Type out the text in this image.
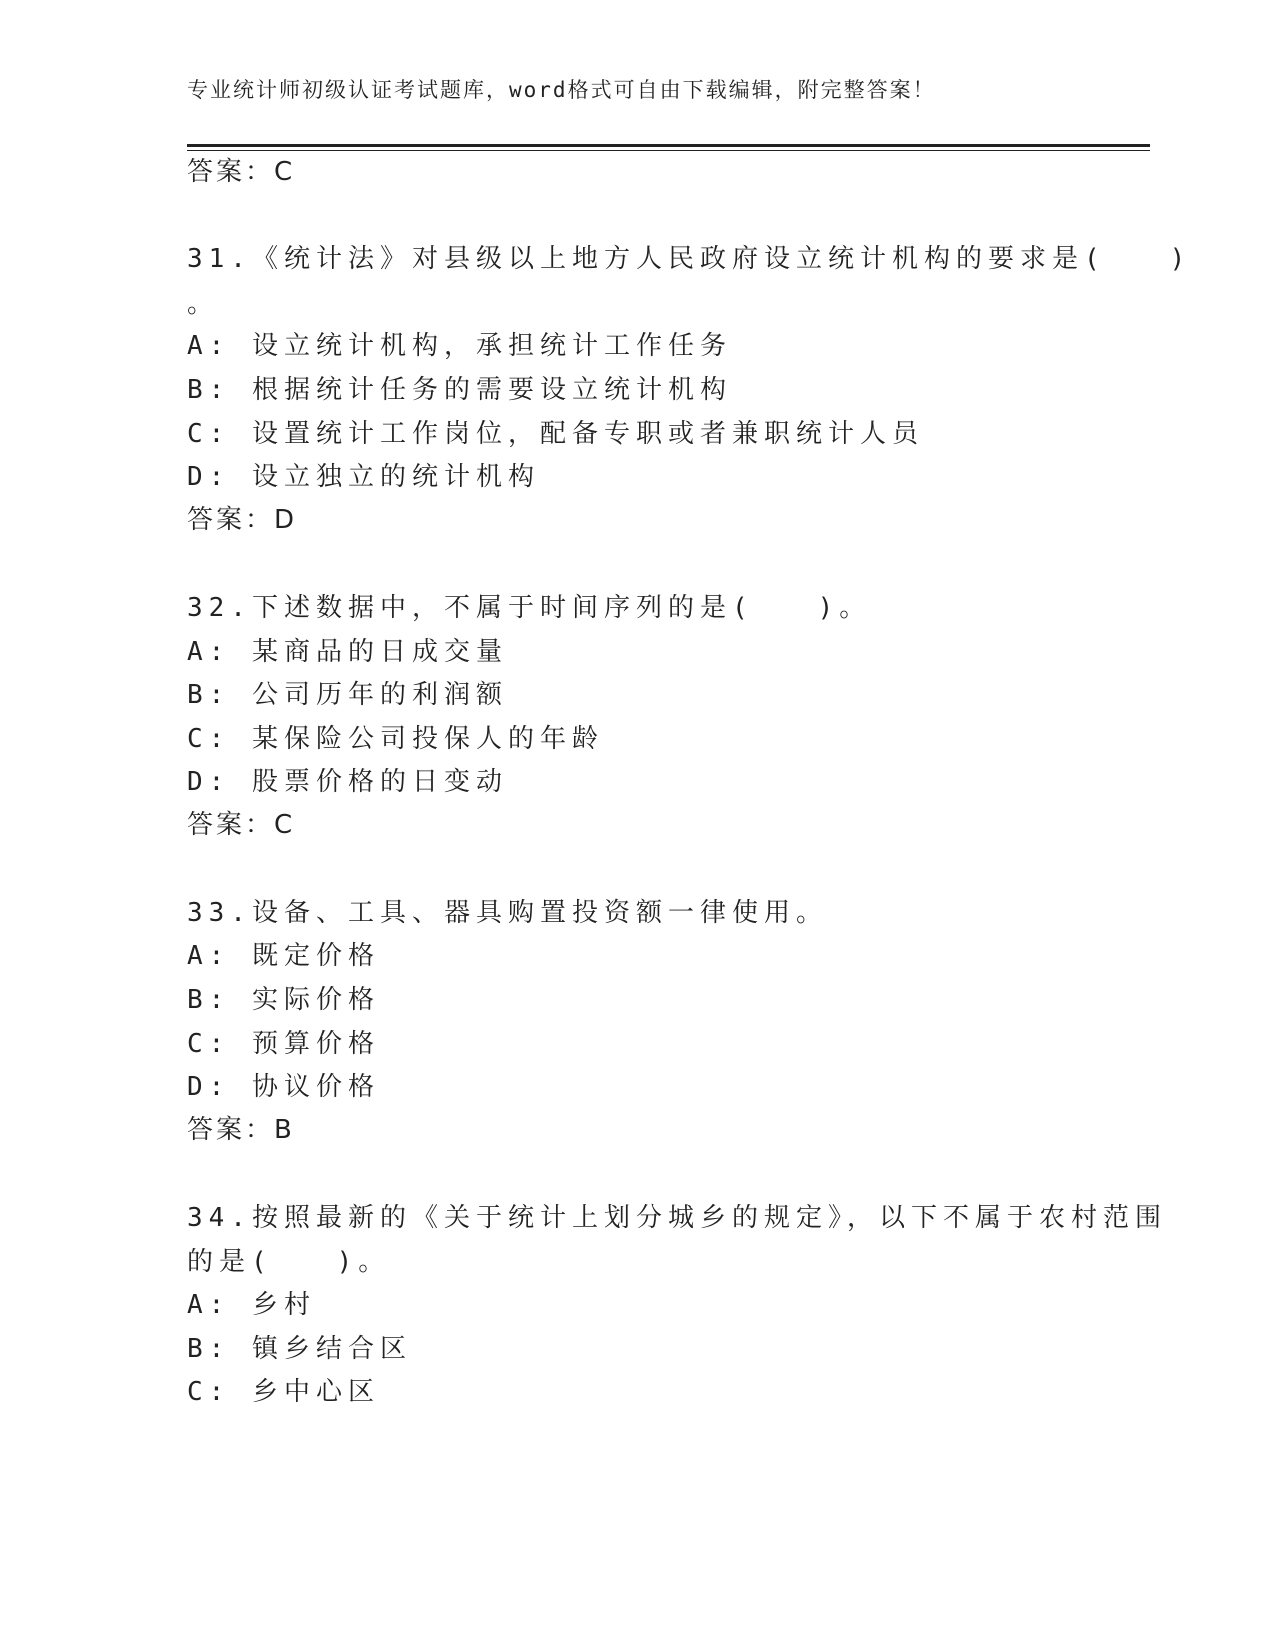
专业统计师初级认证考试题库，word格式可自由下载编辑，附完整答案！
答案：C
31.《统计法》对县级以上地方人民政府设立统计机构的要求是(　　)
。
A: 设立统计机构，承担统计工作任务
B: 根据统计任务的需要设立统计机构
C: 设置统计工作岗位，配备专职或者兼职统计人员
D: 设立独立的统计机构
答案：D
32.下述数据中，不属于时间序列的是(　　)。
A: 某商品的日成交量
B: 公司历年的利润额
C: 某保险公司投保人的年龄
D: 股票价格的日变动
答案：C
33.设备、工具、器具购置投资额一律使用。
A: 既定价格
B: 实际价格
C: 预算价格
D: 协议价格
答案：B
34.按照最新的《关于统计上划分城乡的规定》，以下不属于农村范围
的是(　　)。
A: 乡村
B: 镇乡结合区
C: 乡中心区
